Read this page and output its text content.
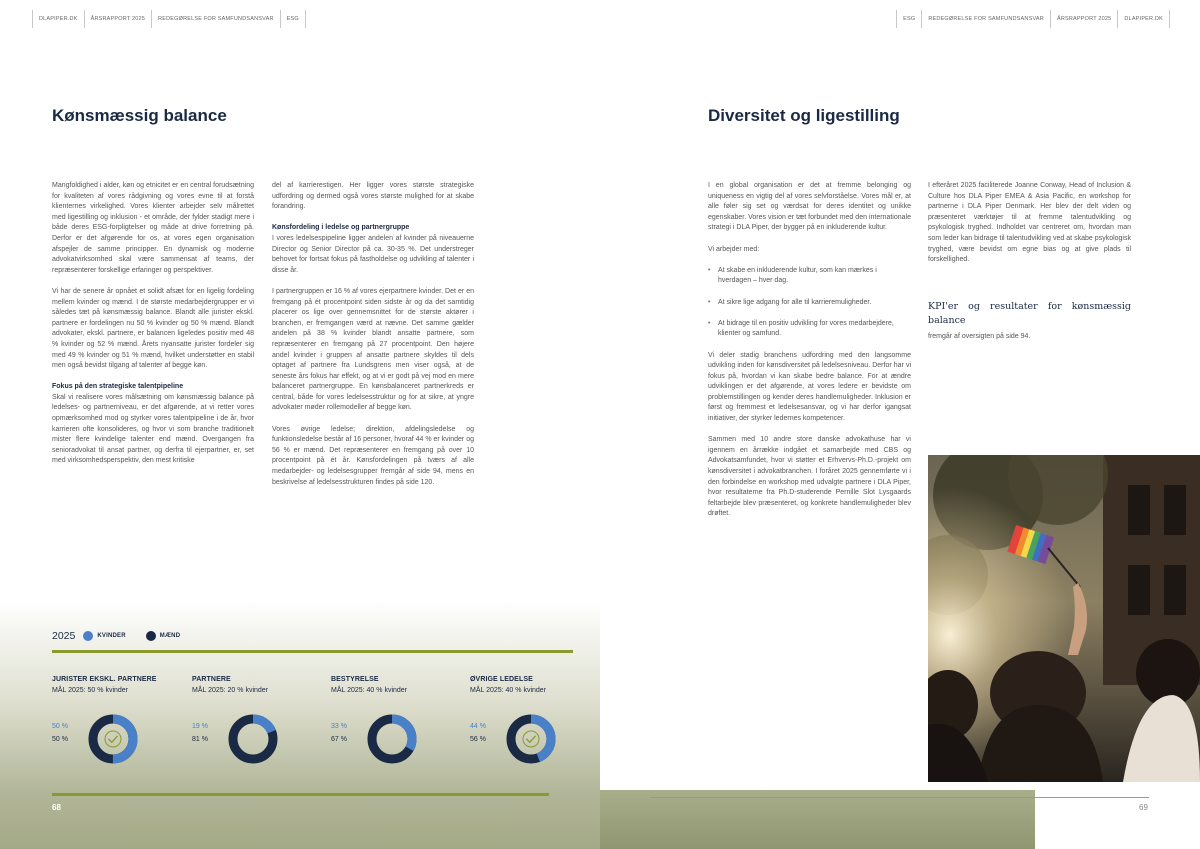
DLAPIPER.DK	ÅRSRAPPORT 2025	REDEGØRELSE FOR SAMFUNDSANSVAR	ESG	ESG	REDEGØRELSE FOR SAMFUNDSANSVAR	ÅRSRAPPORT 2025	DLAPIPER.DK
Kønsmæssig balance

Mangfoldighed i alder, køn og etnicitet er en central forudsætning for kvaliteten af vores rådgivning og vores evne til at forstå klienternes virkelighed. Vores klienter arbejder selv målrettet med ligestilling og inklusion - et område, der fylder stadigt mere i både deres ESG-forpligtelser og måde at drive forretning på. Derfor er det afgørende for os, at vores egen organisation afspejler de samme principper. En dynamisk og moderne advokatvirksomhed skal være sammensat af teams, der repræsenterer forskellige erfaringer og perspektiver.

Vi har de senere år opnået et solidt afsæt for en ligelig fordeling mellem kvinder og mænd. I de største medarbejdergrupper er vi således tæt på kønsmæssig balance. Blandt alle jurister ekskl. partnere er fordelingen nu 50 % kvinder og 50 % mænd. Blandt advokater, ekskl. partnere, er balancen ligeledes positiv med 48 % kvinder og 52 % mænd. Årets nyansatte jurister fordeler sig med 49 % kvinder og 51 % mænd, hvilket understøtter en stabil men også bevidst tilgang af talenter af begge køn.

Fokus på den strategiske talentpipeline

Skal vi realisere vores målsætning om kønsmæssig balance på ledelses- og partnerniveau, er det afgørende, at vi retter vores opmærksomhed mod og styrker vores talentpipeline i de år, hvor karrieren ofte konsolideres, og hvor vi som branche traditionelt mister flere kvindelige talenter end mænd. Overgangen fra senioradvokat til ansat partner, og derfra til ejerpartner, er, set med virksomhedsperspektiv, den mest kritiske

del af karrierestigen. Her ligger vores største strategiske udfordring og dermed også vores største mulighed for at skabe forandring.

Kønsfordeling i ledelse og partnergruppe

I vores ledelsespipeline ligger andelen af kvinder på niveauerne Director og Senior Director på ca. 30-35 %. Det understreger behovet for fortsat fokus på fastholdelse og udvikling af talenter i disse år.

I partnergruppen er 16 % af vores ejerpartnere kvinder. Det er en fremgang på ét procentpoint siden sidste år og da det samtidig placerer os lige over gennemsnittet for de største aktører i branchen, er fremgangen værd at nævne. Det samme gælder andelen på 38 % kvinder blandt ansatte partnere, som repræsenterer en fremgang på 27 procentpoint. Den højere andel kvinder i gruppen af ansatte partnere skyldes til dels optaget af partnere fra Lundsgrens men viser også, at de seneste års fokus har effekt, og at vi er godt på vej mod en mere balanceret partnergruppe. En kønsbalanceret partnerkreds er central, både for vores ledelsesstruktur og for at sikre, at yngre advokater møder rollemodeller af begge køn.

Vores øvrige ledelse; direktion, afdelingsledelse og funktionsledelse består af 16 personer, hvoraf 44 % er kvinder og 56 % er mænd. Det repræsenterer en fremgang på over 10 procentpoint på ét år. Kønsfordelingen på tværs af alle medarbejder- og ledelsesgrupper fremgår af side 94, mens en beskrivelse af ledelsesstrukturen findes på side 120.

2025	KVINDER	MÆND
JURISTER EKSKL. PARTNERE
MÅL 2025: 50 % kvinder
50 %
50 %
PARTNERE
MÅL 2025: 20 % kvinder
19 %
81 %
BESTYRELSE
MÅL 2025: 40 % kvinder
33 %
67 %
ØVRIGE LEDELSE
MÅL 2025: 40 % kvinder
44 %
56 %
68
Diversitet og ligestilling

I en global organisation er det at fremme belonging og uniqueness en vigtig del af vores selvforståelse. Vores mål er, at alle føler sig set og værdsat for deres identitet og unikke egenskaber. Vores vision er tæt forbundet med den internationale strategi i DLA Piper, der bygger på en inkluderende kultur.

Vi arbejder med:

• At skabe en inkluderende kultur, som kan mærkes i hverdagen – hver dag.
• At sikre lige adgang for alle til karrieremuligheder.
• At bidrage til en positiv udvikling for vores medarbejdere, klienter og samfund.

Vi deler stadig branchens udfordring med den langsomme udvikling inden for kønsdiversitet på ledelsesniveau. Derfor har vi fokus på, hvordan vi kan skabe bedre balance. For at ændre udviklingen er det afgørende, at vores ledere er bevidste om problemstillingen og kender deres handlemuligheder. Inklusion er først og fremmest et ledelsesansvar, og vi har derfor igangsat initiativer, der styrker ledernes kompetencer.

Sammen med 10 andre store danske advokathuse har vi igennem en årrække indgået et samarbejde med CBS og Advokatsamfundet, hvor vi støtter et Erhvervs-Ph.D.-projekt om kønsdiversitet i advokatbranchen. I foråret 2025 gennemførte vi i den forbindelse en workshop med udvalgte partnere i DLA Piper, hvor resultaterne fra Ph.D-studerende Pernille Slot Lysgaards feltarbejde blev præsenteret, og konkrete handlemuligheder blev drøftet.

I efteråret 2025 faciliterede Joanne Conway, Head of Inclusion & Culture hos DLA Piper EMEA & Asia Pacific, en workshop for partnerne i DLA Piper Denmark. Her blev der delt viden og præsenteret værktøjer til at fremme talentudvikling og psykologisk tryghed. Indholdet var centreret om, hvordan man som leder kan bidrage til talentudvikling ved at skabe psykologisk tryghed, være bevidst om egne bias og at give plads til forskellighed.

KPI'er og resultater for kønsmæssig balance

fremgår af oversigten på side 94.

69
